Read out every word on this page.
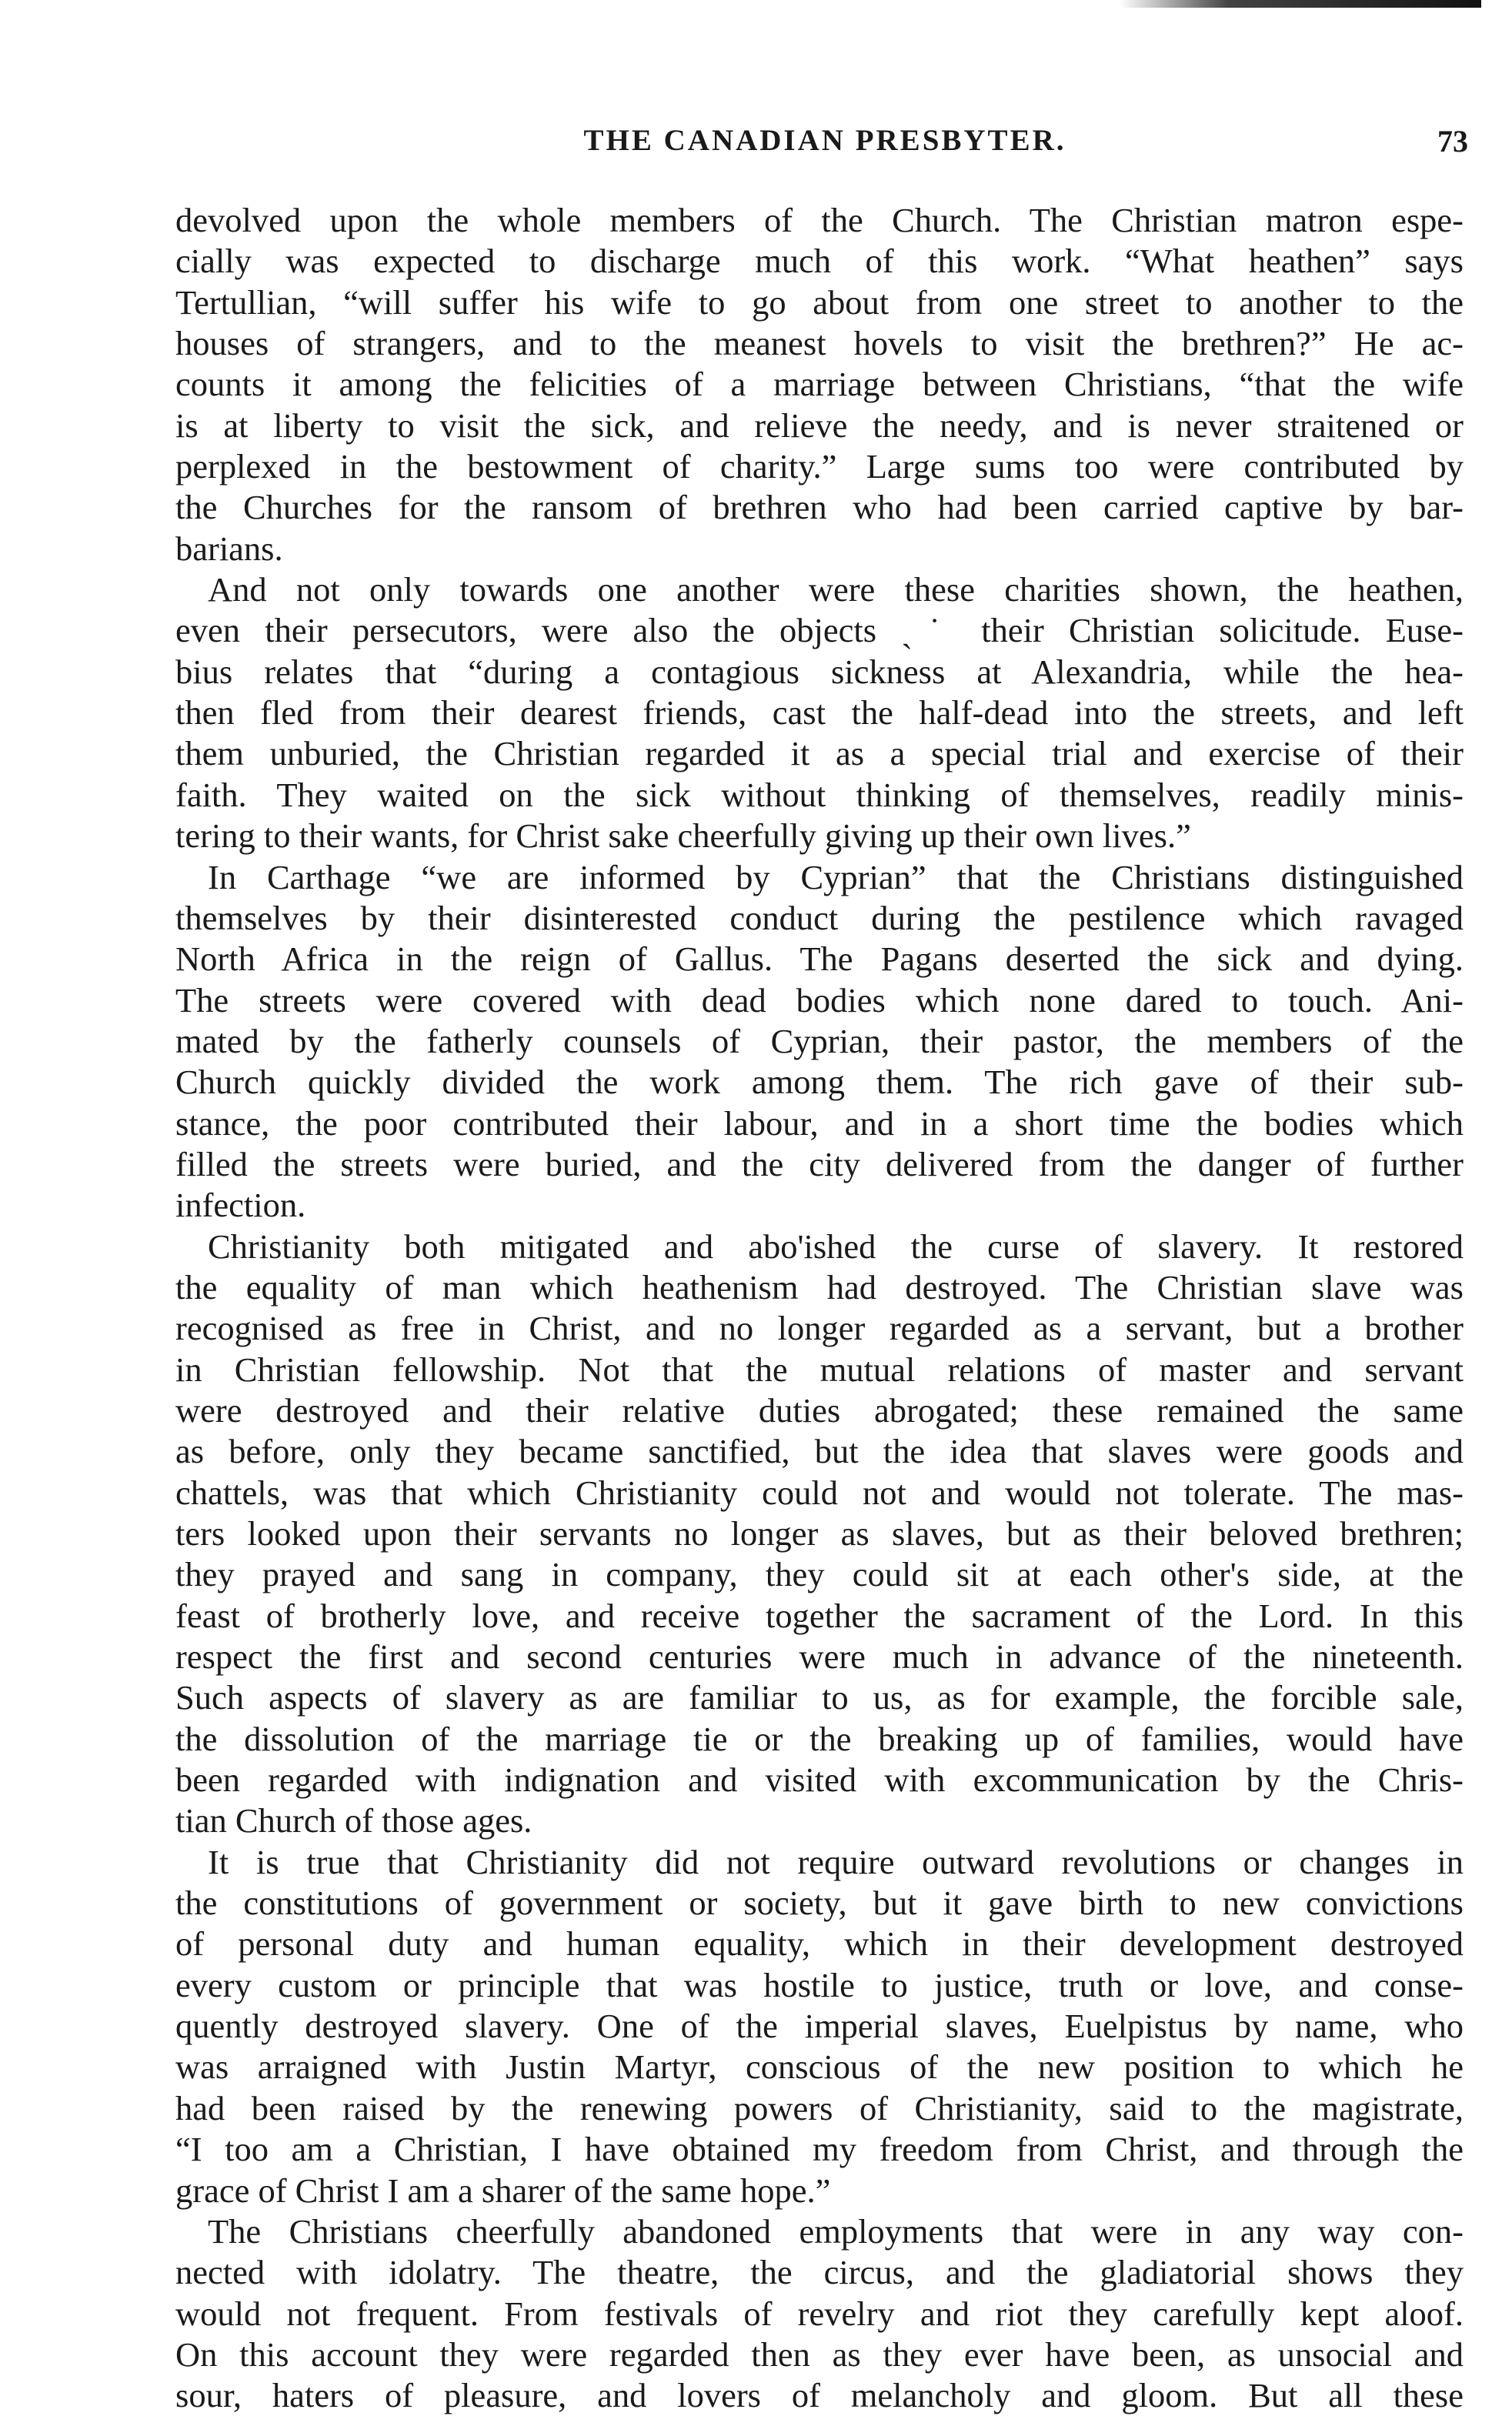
THE CANADIAN PRESBYTER.	73
devolved upon the whole members of the Church. The Christian matron espe-
cially was expected to discharge much of this work. “What heathen” says
Tertullian, “will suffer his wife to go about from one street to another to the
houses of strangers, and to the meanest hovels to visit the brethren?” He ac-
counts it among the felicities of a marriage between Christians, “that the wife
is at liberty to visit the sick, and relieve the needy, and is never straitened or
perplexed in the bestowment of charity.” Large sums too were contributed by
the Churches for the ransom of brethren who had been carried captive by bar-
barians.
And not only towards one another were these charities shown, the heathen,
even their persecutors, were also the objects ˎ˙ their Christian solicitude. Euse-
bius relates that “during a contagious sickness at Alexandria, while the hea-
then fled from their dearest friends, cast the half-dead into the streets, and left
them unburied, the Christian regarded it as a special trial and exercise of their
faith. They waited on the sick without thinking of themselves, readily minis-
tering to their wants, for Christ sake cheerfully giving up their own lives.”
In Carthage “we are informed by Cyprian” that the Christians distinguished
themselves by their disinterested conduct during the pestilence which ravaged
North Africa in the reign of Gallus. The Pagans deserted the sick and dying.
The streets were covered with dead bodies which none dared to touch. Ani-
mated by the fatherly counsels of Cyprian, their pastor, the members of the
Church quickly divided the work among them. The rich gave of their sub-
stance, the poor contributed their labour, and in a short time the bodies which
filled the streets were buried, and the city delivered from the danger of further
infection.
Christianity both mitigated and abo'ished the curse of slavery. It restored
the equality of man which heathenism had destroyed. The Christian slave was
recognised as free in Christ, and no longer regarded as a servant, but a brother
in Christian fellowship. Not that the mutual relations of master and servant
were destroyed and their relative duties abrogated; these remained the same
as before, only they became sanctified, but the idea that slaves were goods and
chattels, was that which Christianity could not and would not tolerate. The mas-
ters looked upon their servants no longer as slaves, but as their beloved brethren;
they prayed and sang in company, they could sit at each other's side, at the
feast of brotherly love, and receive together the sacrament of the Lord. In this
respect the first and second centuries were much in advance of the nineteenth.
Such aspects of slavery as are familiar to us, as for example, the forcible sale,
the dissolution of the marriage tie or the breaking up of families, would have
been regarded with indignation and visited with excommunication by the Chris-
tian Church of those ages.
It is true that Christianity did not require outward revolutions or changes in
the constitutions of government or society, but it gave birth to new convictions
of personal duty and human equality, which in their development destroyed
every custom or principle that was hostile to justice, truth or love, and conse-
quently destroyed slavery. One of the imperial slaves, Euelpistus by name, who
was arraigned with Justin Martyr, conscious of the new position to which he
had been raised by the renewing powers of Christianity, said to the magistrate,
“I too am a Christian, I have obtained my freedom from Christ, and through the
grace of Christ I am a sharer of the same hope.”
The Christians cheerfully abandoned employments that were in any way con-
nected with idolatry. The theatre, the circus, and the gladiatorial shows they
would not frequent. From festivals of revelry and riot they carefully kept aloof.
On this account they were regarded then as they ever have been, as unsocial and
sour, haters of pleasure, and lovers of melancholy and gloom. But all these
